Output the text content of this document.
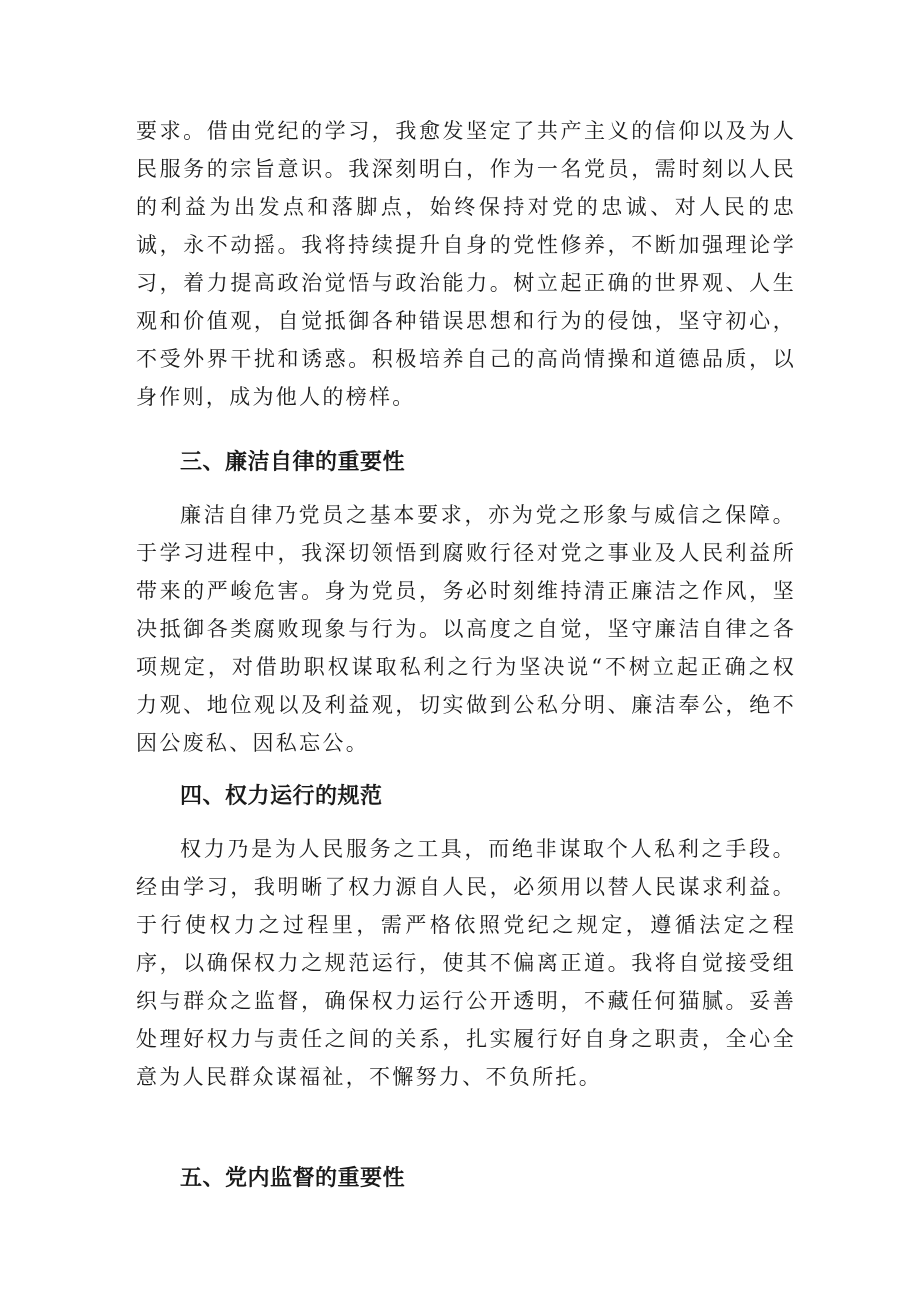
要求。借由党纪的学习，我愈发坚定了共产主义的信仰以及为人民服务的宗旨意识。我深刻明白，作为一名党员，需时刻以人民的利益为出发点和落脚点，始终保持对党的忠诚、对人民的忠诚，永不动摇。我将持续提升自身的党性修养，不断加强理论学习，着力提高政治觉悟与政治能力。树立起正确的世界观、人生观和价值观，自觉抵御各种错误思想和行为的侵蚀，坚守初心，不受外界干扰和诱惑。积极培养自己的高尚情操和道德品质，以身作则，成为他人的榜样。

三、廉洁自律的重要性

廉洁自律乃党员之基本要求，亦为党之形象与威信之保障。于学习进程中，我深切领悟到腐败行径对党之事业及人民利益所带来的严峻危害。身为党员，务必时刻维持清正廉洁之作风，坚决抵御各类腐败现象与行为。以高度之自觉，坚守廉洁自律之各项规定，对借助职权谋取私利之行为坚决说“不树立起正确之权力观、地位观以及利益观，切实做到公私分明、廉洁奉公，绝不因公废私、因私忘公。

四、权力运行的规范

权力乃是为人民服务之工具，而绝非谋取个人私利之手段。经由学习，我明晰了权力源自人民，必须用以替人民谋求利益。于行使权力之过程里，需严格依照党纪之规定，遵循法定之程序，以确保权力之规范运行，使其不偏离正道。我将自觉接受组织与群众之监督，确保权力运行公开透明，不藏任何猫腻。妥善处理好权力与责任之间的关系，扎实履行好自身之职责，全心全意为人民群众谋福祉，不懈努力、不负所托。

五、党内监督的重要性
